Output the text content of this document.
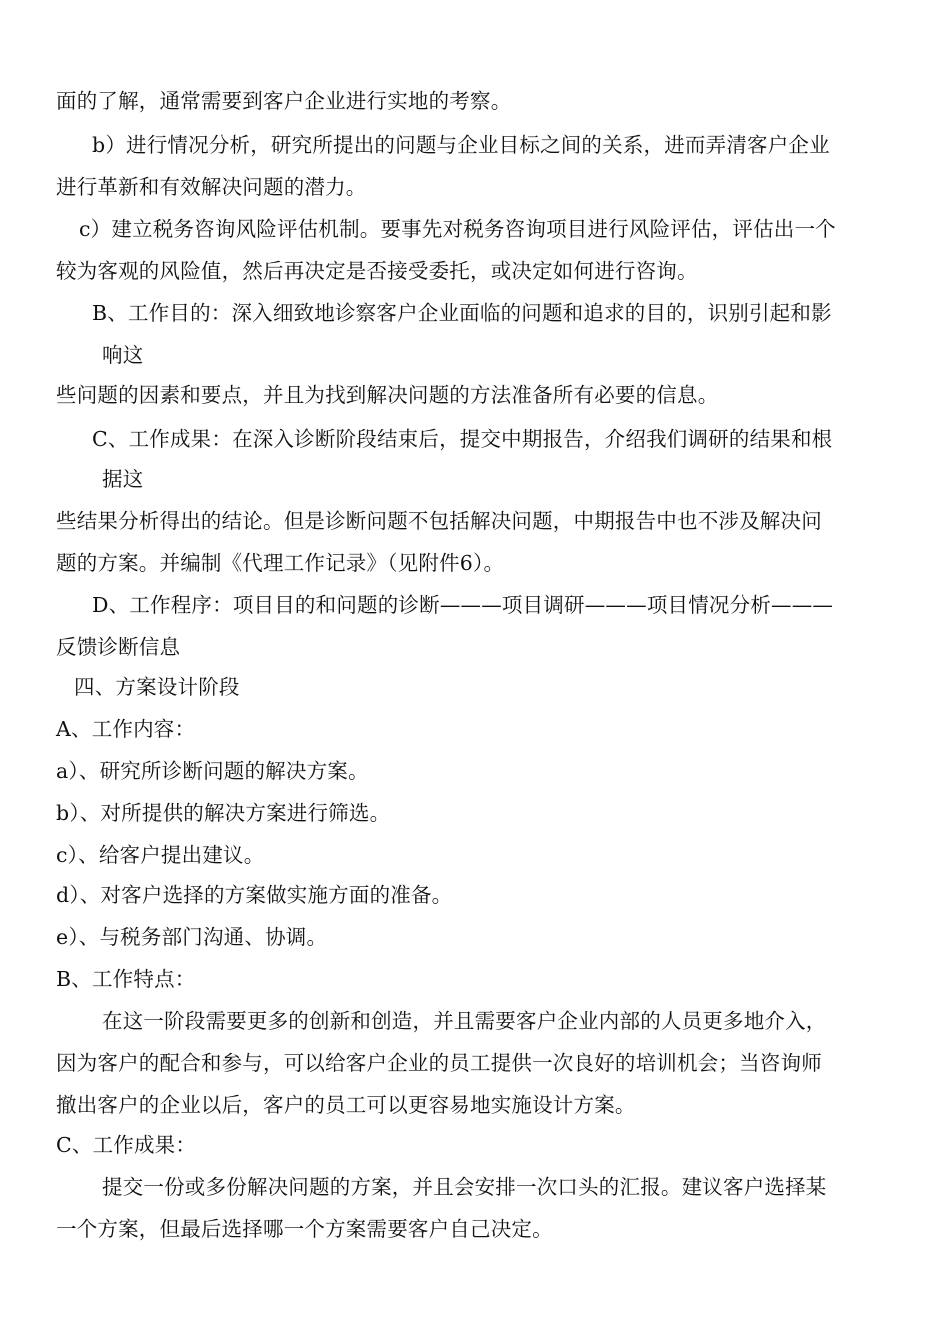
面的了解，通常需要到客户企业进行实地的考察。
b）进行情况分析，研究所提出的问题与企业目标之间的关系，进而弄清客户企业
进行革新和有效解决问题的潜力。
c）建立税务咨询风险评估机制。要事先对税务咨询项目进行风险评估，评估出一个
较为客观的风险值，然后再决定是否接受委托，或决定如何进行咨询。
B、工作目的：深入细致地诊察客户企业面临的问题和追求的目的，识别引起和影
响这
些问题的因素和要点，并且为找到解决问题的方法准备所有必要的信息。
C、工作成果：在深入诊断阶段结束后，提交中期报告，介绍我们调研的结果和根
据这
些结果分析得出的结论。但是诊断问题不包括解决问题，中期报告中也不涉及解决问
题的方案。并编制《代理工作记录》（见附件6）。
D、工作程序：项目目的和问题的诊断———项目调研———项目情况分析———
反馈诊断信息
四、方案设计阶段
A、工作内容：
a）、研究所诊断问题的解决方案。
b）、对所提供的解决方案进行筛选。
c）、给客户提出建议。
d）、对客户选择的方案做实施方面的准备。
e）、与税务部门沟通、协调。
B、工作特点：
在这一阶段需要更多的创新和创造，并且需要客户企业内部的人员更多地介入，
因为客户的配合和参与，可以给客户企业的员工提供一次良好的培训机会；当咨询师
撤出客户的企业以后，客户的员工可以更容易地实施设计方案。
C、工作成果：
提交一份或多份解决问题的方案，并且会安排一次口头的汇报。建议客户选择某
一个方案，但最后选择哪一个方案需要客户自己决定。
